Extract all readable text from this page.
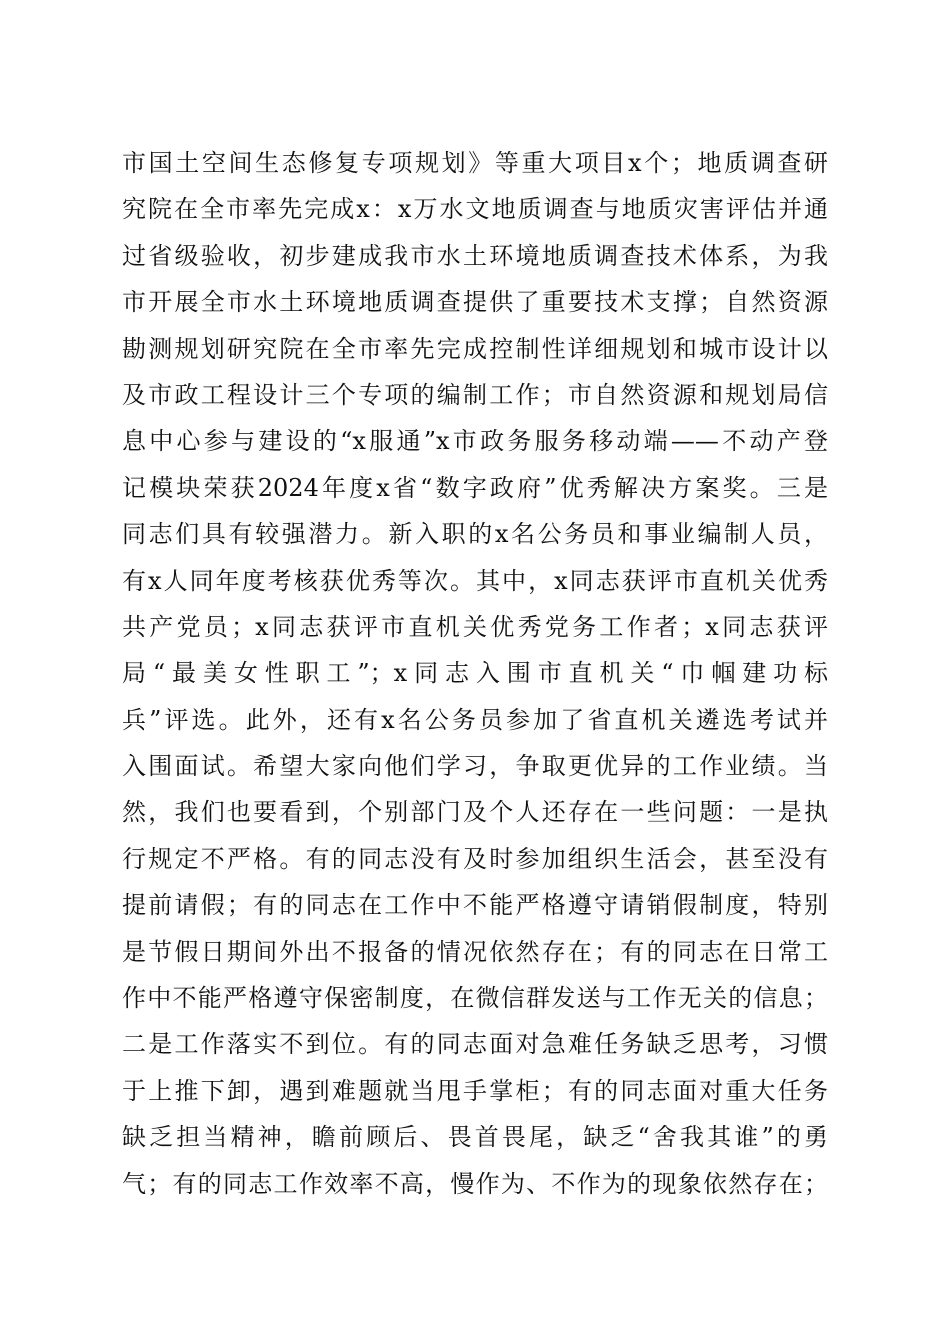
市国土空间生态修复专项规划》等重大项目x个；地质调查研
究院在全市率先完成x：x万水文地质调查与地质灾害评估并通
过省级验收，初步建成我市水土环境地质调查技术体系，为我
市开展全市水土环境地质调查提供了重要技术支撑；自然资源
勘测规划研究院在全市率先完成控制性详细规划和城市设计以
及市政工程设计三个专项的编制工作；市自然资源和规划局信
息中心参与建设的“x服通”x市政务服务移动端——不动产登
记模块荣获2024年度x省“数字政府”优秀解决方案奖。三是
同志们具有较强潜力。新入职的x名公务员和事业编制人员，
有x人同年度考核获优秀等次。其中，x同志获评市直机关优秀
共产党员；x同志获评市直机关优秀党务工作者；x同志获评
局“最美女性职工”；x同志入围市直机关“巾帼建功标
兵”评选。此外，还有x名公务员参加了省直机关遴选考试并
入围面试。希望大家向他们学习，争取更优异的工作业绩。当
然，我们也要看到，个别部门及个人还存在一些问题：一是执
行规定不严格。有的同志没有及时参加组织生活会，甚至没有
提前请假；有的同志在工作中不能严格遵守请销假制度，特别
是节假日期间外出不报备的情况依然存在；有的同志在日常工
作中不能严格遵守保密制度，在微信群发送与工作无关的信息；
二是工作落实不到位。有的同志面对急难任务缺乏思考，习惯
于上推下卸，遇到难题就当甩手掌柜；有的同志面对重大任务
缺乏担当精神，瞻前顾后、畏首畏尾，缺乏“舍我其谁”的勇
气；有的同志工作效率不高，慢作为、不作为的现象依然存在；
